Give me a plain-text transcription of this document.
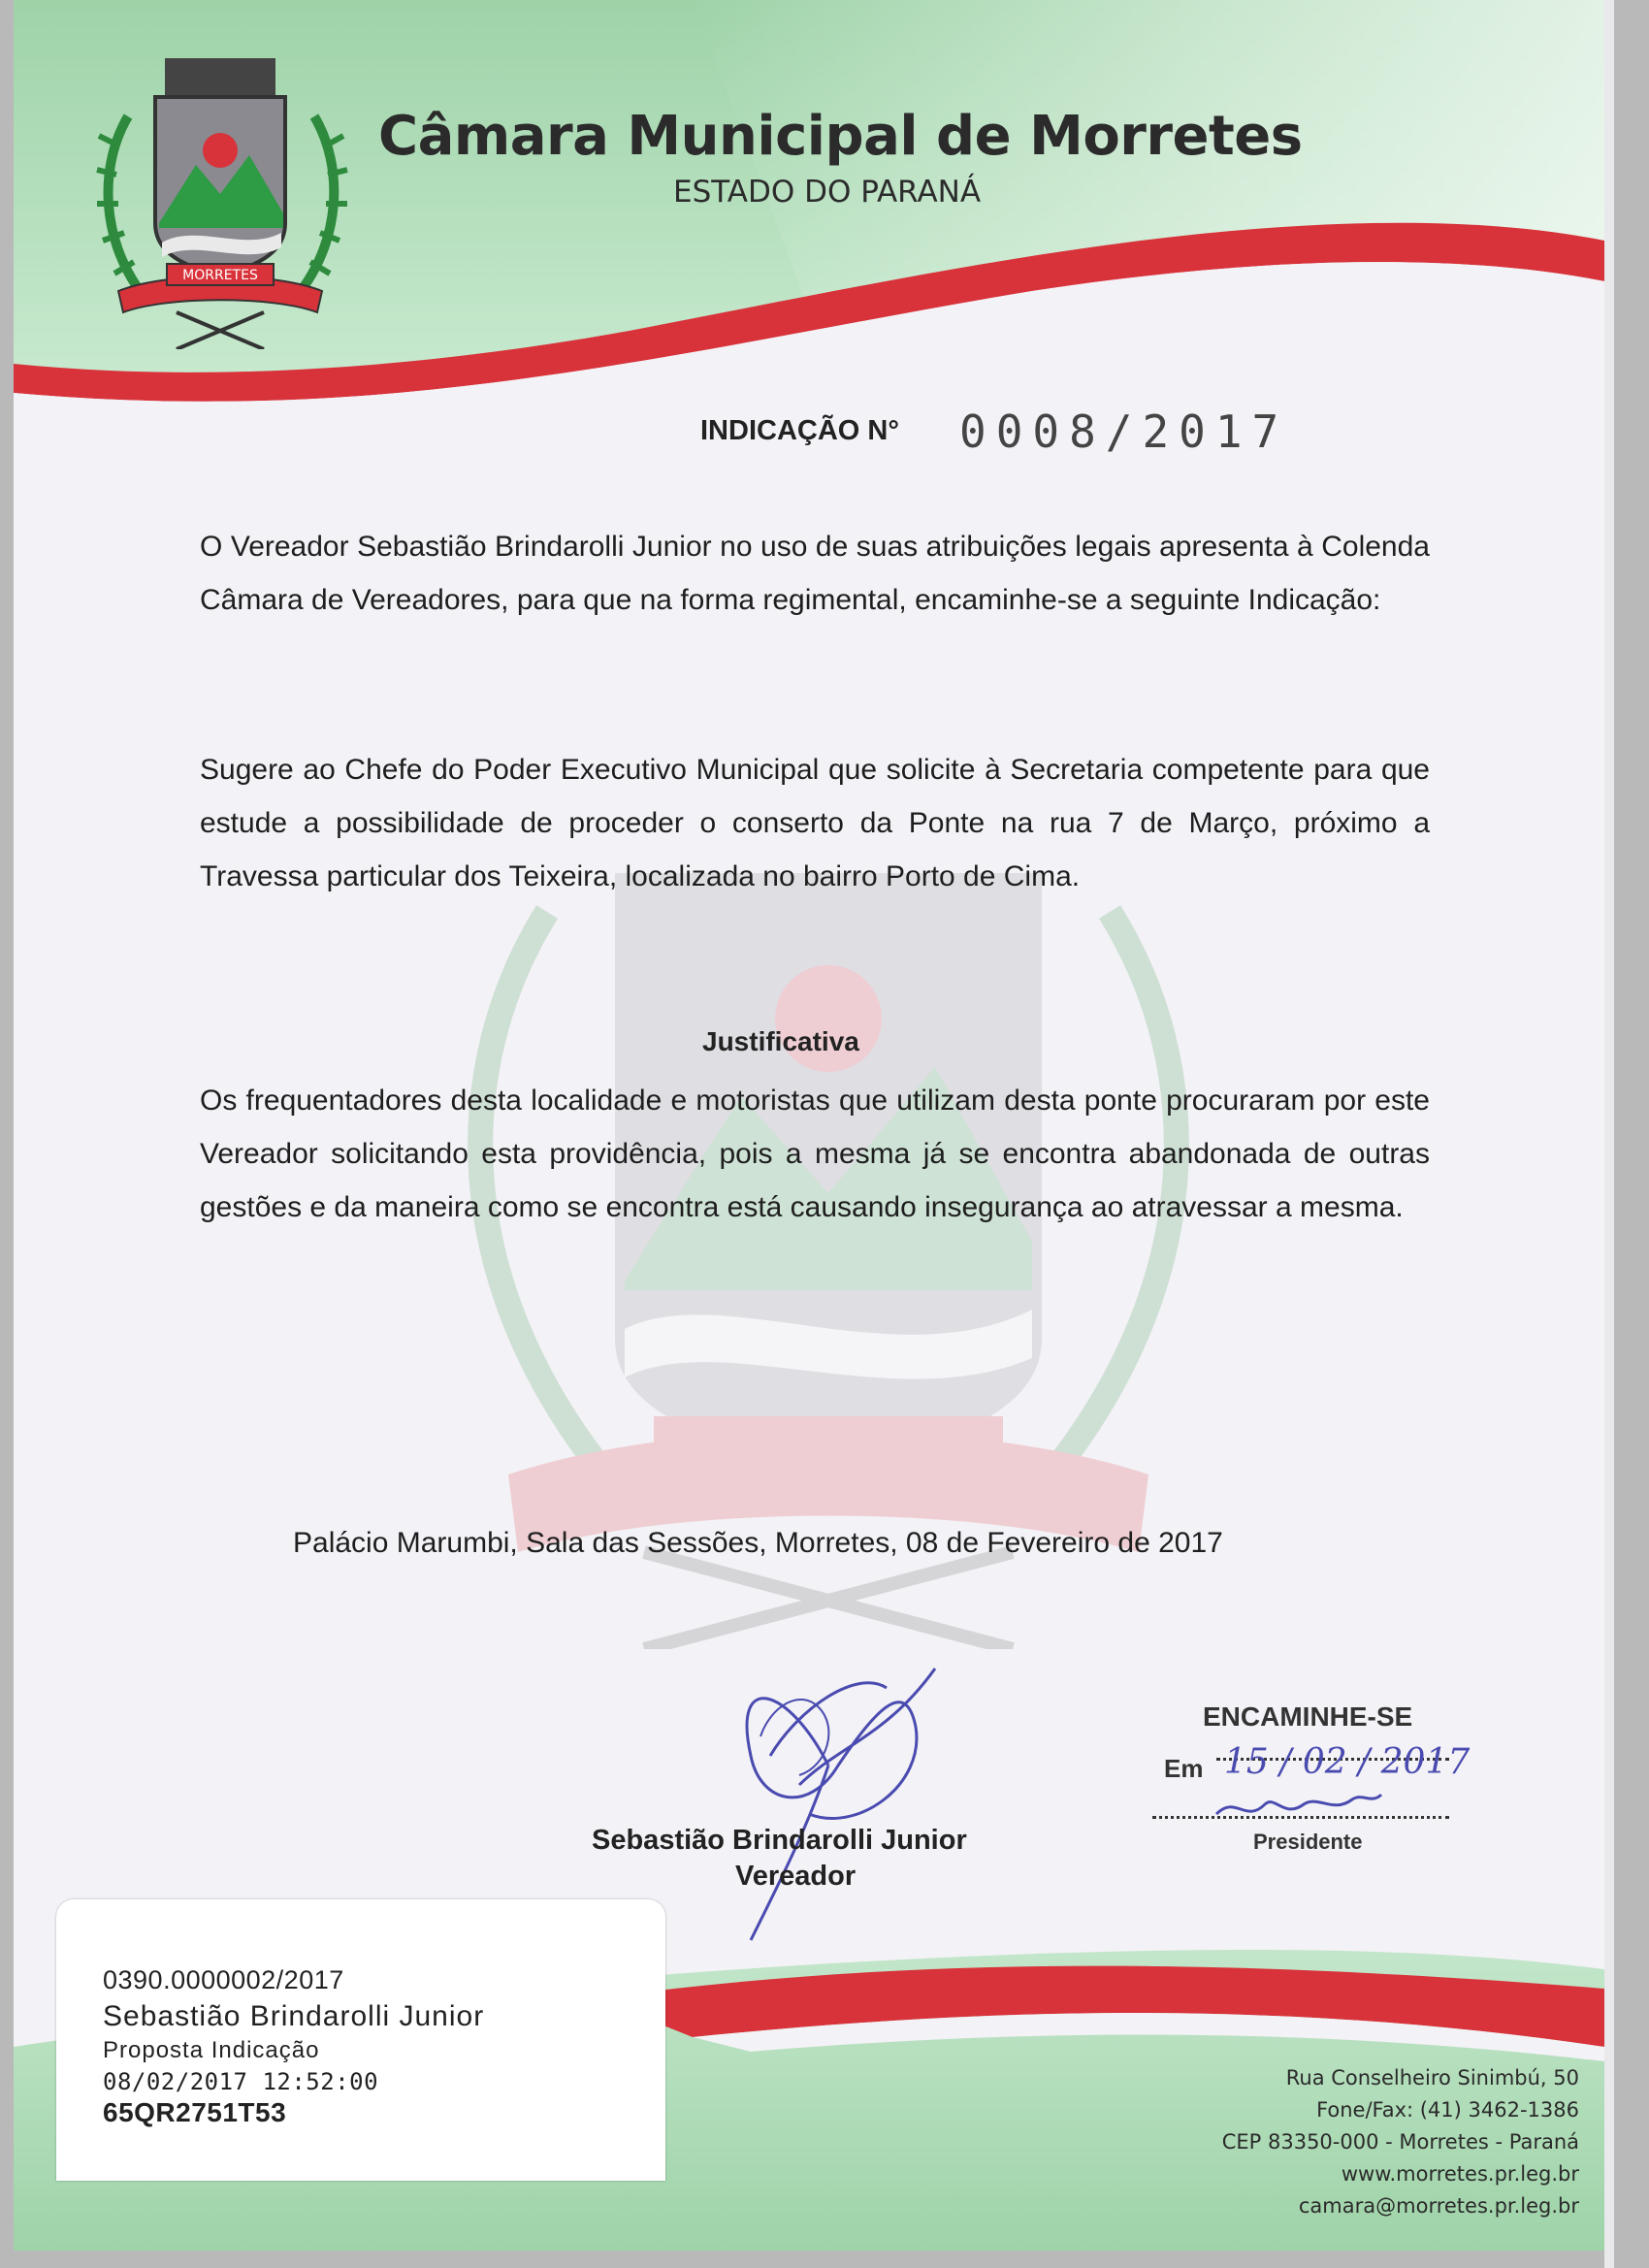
MORRETES
Câmara Municipal de Morretes
ESTADO DO PARANÁ
INDICAÇÃO N° 0008/2017

O Vereador Sebastião Brindarolli Junior no uso de suas atribuições legais apresenta à Colenda Câmara de Vereadores, para que na forma regimental, encaminhe-se a seguinte Indicação:

Sugere ao Chefe do Poder Executivo Municipal que solicite à Secretaria competente para que estude a possibilidade de proceder o conserto da Ponte na rua 7 de Março, próximo a Travessa particular dos Teixeira, localizada no bairro Porto de Cima.

Justificativa

Os frequentadores desta localidade e motoristas que utilizam desta ponte procuraram por este Vereador solicitando esta providência, pois a mesma já se encontra abandonada de outras gestões e da maneira como se encontra está causando insegurança ao atravessar a mesma.

Palácio Marumbi, Sala das Sessões, Morretes, 08 de Fevereiro de 2017
Sebastião Brindarolli Junior
Vereador
ENCAMINHE-SE
Em 15 / 02 / 2017
Presidente
Rua Conselheiro Sinimbú, 50
Fone/Fax: (41) 3462-1386
CEP 83350-000 - Morretes - Paraná
www.morretes.pr.leg.br
camara@morretes.pr.leg.br
0390.0000002/2017
Sebastião Brindarolli Junior
Proposta Indicação
08/02/2017 12:52:00
65QR2751T53
